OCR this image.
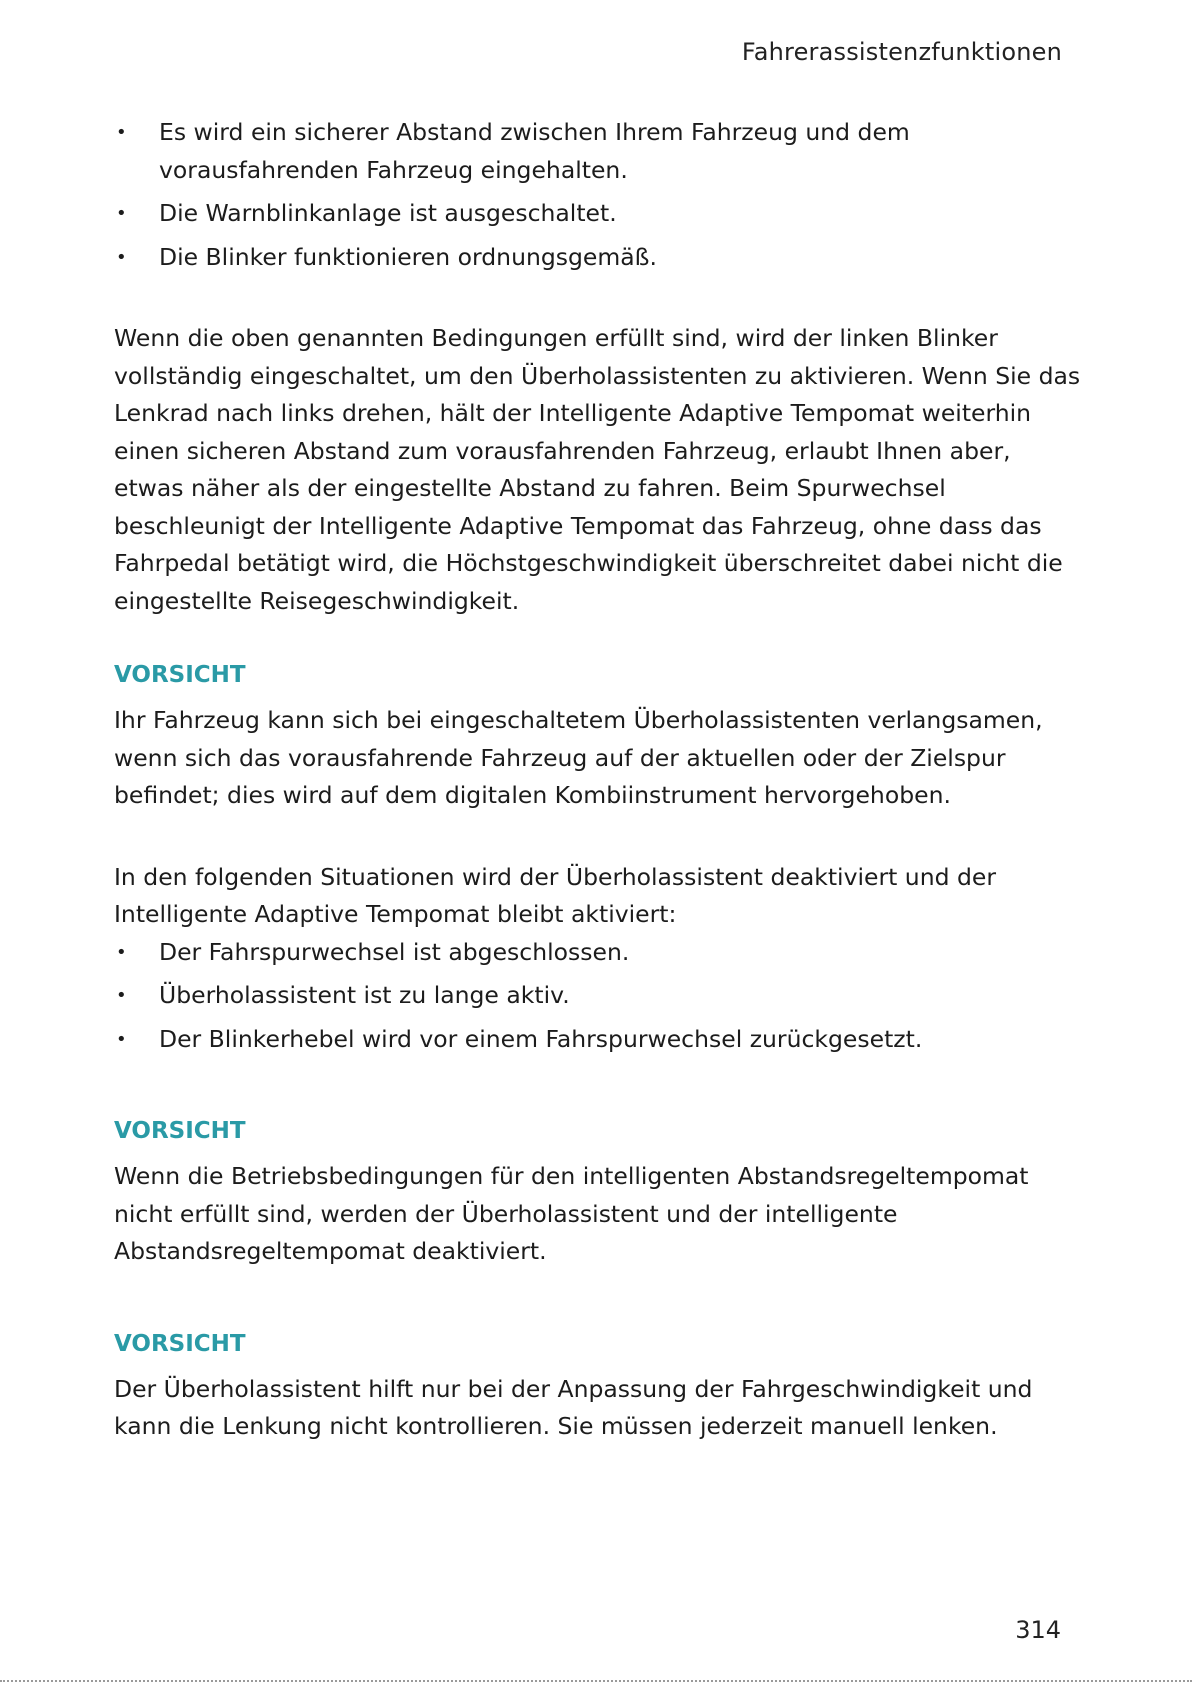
Fahrerassistenzfunktionen

• Es wird ein sicherer Abstand zwischen Ihrem Fahrzeug und dem vorausfahrenden Fahrzeug eingehalten.
• Die Warnblinkanlage ist ausgeschaltet.
• Die Blinker funktionieren ordnungsgemäß.

Wenn die oben genannten Bedingungen erfüllt sind, wird der linken Blinker vollständig eingeschaltet, um den Überholassistenten zu aktivieren. Wenn Sie das Lenkrad nach links drehen, hält der Intelligente Adaptive Tempomat weiterhin einen sicheren Abstand zum vorausfahrenden Fahrzeug, erlaubt Ihnen aber, etwas näher als der eingestellte Abstand zu fahren. Beim Spurwechsel beschleunigt der Intelligente Adaptive Tempomat das Fahrzeug, ohne dass das Fahrpedal betätigt wird, die Höchstgeschwindigkeit überschreitet dabei nicht die eingestellte Reisegeschwindigkeit.

VORSICHT

Ihr Fahrzeug kann sich bei eingeschaltetem Überholassistenten verlangsamen, wenn sich das vorausfahrende Fahrzeug auf der aktuellen oder der Zielspur befindet; dies wird auf dem digitalen Kombiinstrument hervorgehoben.

In den folgenden Situationen wird der Überholassistent deaktiviert und der Intelligente Adaptive Tempomat bleibt aktiviert:

• Der Fahrspurwechsel ist abgeschlossen.
• Überholassistent ist zu lange aktiv.
• Der Blinkerhebel wird vor einem Fahrspurwechsel zurückgesetzt.

VORSICHT

Wenn die Betriebsbedingungen für den intelligenten Abstandsregeltempomat nicht erfüllt sind, werden der Überholassistent und der intelligente Abstandsregeltempomat deaktiviert.

VORSICHT

Der Überholassistent hilft nur bei der Anpassung der Fahrgeschwindigkeit und kann die Lenkung nicht kontrollieren. Sie müssen jederzeit manuell lenken.

314
